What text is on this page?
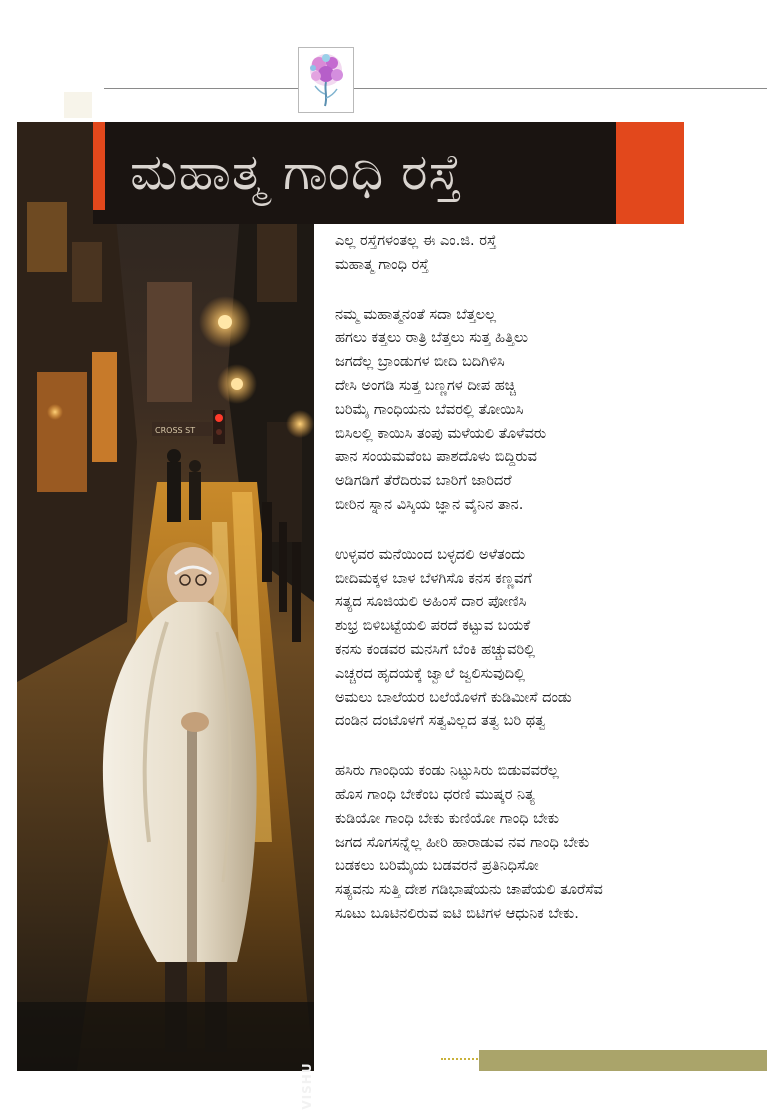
CROSS ST
VISHU
ಮಹಾತ್ಮ ಗಾಂಧಿ ರಸ್ತೆ
ಎಲ್ಲ ರಸ್ತೆಗಳಂತಲ್ಲ ಈ ಎಂ.ಜಿ. ರಸ್ತೆ
ಮಹಾತ್ಮ ಗಾಂಧಿ ರಸ್ತೆ
ನಮ್ಮ ಮಹಾತ್ಮನಂತೆ ಸದಾ ಬೆತ್ತಲಲ್ಲ
ಹಗಲು ಕತ್ತಲು ರಾತ್ರಿ ಬೆತ್ತಲು ಸುತ್ತ ಹಿತ್ತಿಲು
ಜಗದೆಲ್ಲ ಬ್ರಾಂಡುಗಳ ಬೀದಿ ಬದಿಗಿಳಿಸಿ
ದೇಸಿ ಅಂಗಡಿ ಸುತ್ತ ಬಣ್ಣಗಳ ದೀಪ ಹಚ್ಚಿ
ಬರಿಮೈ ಗಾಂಧಿಯನು ಬೆವರಲ್ಲಿ ತೋಯಿಸಿ
ಬಿಸಿಲಲ್ಲಿ ಕಾಯಿಸಿ ತಂಪು ಮಳೆಯಲಿ ತೊಳೆವರು
ಪಾನ ಸಂಯಮವೆಂಬ ಪಾಶದೊಳು ಬಿದ್ದಿರುವ
ಅಡಿಗಡಿಗೆ ತೆರೆದಿರುವ ಬಾರಿಗೆ ಜಾರಿದರೆ
ಬೀರಿನ ಸ್ನಾನ ವಿಸ್ಕಿಯ ಜ್ಞಾನ ವೈನಿನ ತಾನ.
ಉಳ್ಳವರ ಮನೆಯಿಂದ ಬಳ್ಳದಲಿ ಅಳೆತಂದು
ಬೀದಿಮಕ್ಕಳ ಬಾಳ ಬೆಳಗಿಸೊ ಕನಸ ಕಣ್ಣವಗೆ
ಸತ್ಯದ ಸೂಜಿಯಲಿ ಅಹಿಂಸೆ ದಾರ ಪೋಣಿಸಿ
ಶುಭ್ರ ಬಿಳಿಬಟ್ಟೆಯಲಿ ಪರದೆ ಕಟ್ಟುವ ಬಯಕೆ
ಕನಸು ಕಂಡವರ ಮನಸಿಗೆ ಬೆಂಕಿ ಹಚ್ಚುವರಿಲ್ಲಿ
ಎಚ್ಚರದ ಹೃದಯಕ್ಕೆ ಜ್ವಾಲೆ ಜ್ವಲಿಸುವುದಿಲ್ಲಿ
ಅಮಲು ಬಾಲೆಯರ ಬಲೆಯೊಳಗೆ ಕುಡಿಮೀಸೆ ದಂಡು
ದಂಡಿನ ದಂಟೊಳಗೆ ಸತ್ವವಿಲ್ಲದ ತತ್ವ ಬರಿ ಥತ್ವ
ಹಸಿರು ಗಾಂಧಿಯ ಕಂಡು ನಿಟ್ಟುಸಿರು ಬಿಡುವವರೆಲ್ಲ
ಹೊಸ ಗಾಂಧಿ ಬೇಕೆಂಬ ಧರಣಿ ಮುಷ್ಕರ ನಿತ್ಯ
ಕುಡಿಯೋ ಗಾಂಧಿ ಬೇಕು ಕುಣಿಯೋ ಗಾಂಧಿ ಬೇಕು
ಜಗದ ಸೊಗಸನ್ನೆಲ್ಲ ಹೀರಿ ಹಾರಾಡುವ ನವ ಗಾಂಧಿ ಬೇಕು
ಬಡಕಲು ಬರಿಮೈಯ ಬಡವರನೆ ಪ್ರತಿನಿಧಿಸೋ
ಸತ್ಯವನು ಸುತ್ತಿ ದೇಶ ಗಡಿಭಾಷೆಯನು ಚಾಪೆಯಲಿ ತೂರೆಸೆವ
ಸೂಟು ಬೂಟಿನಲಿರುವ ಐಟಿ ಬಿಟಿಗಳ ಆಧುನಿಕ ಬೇಕು.
